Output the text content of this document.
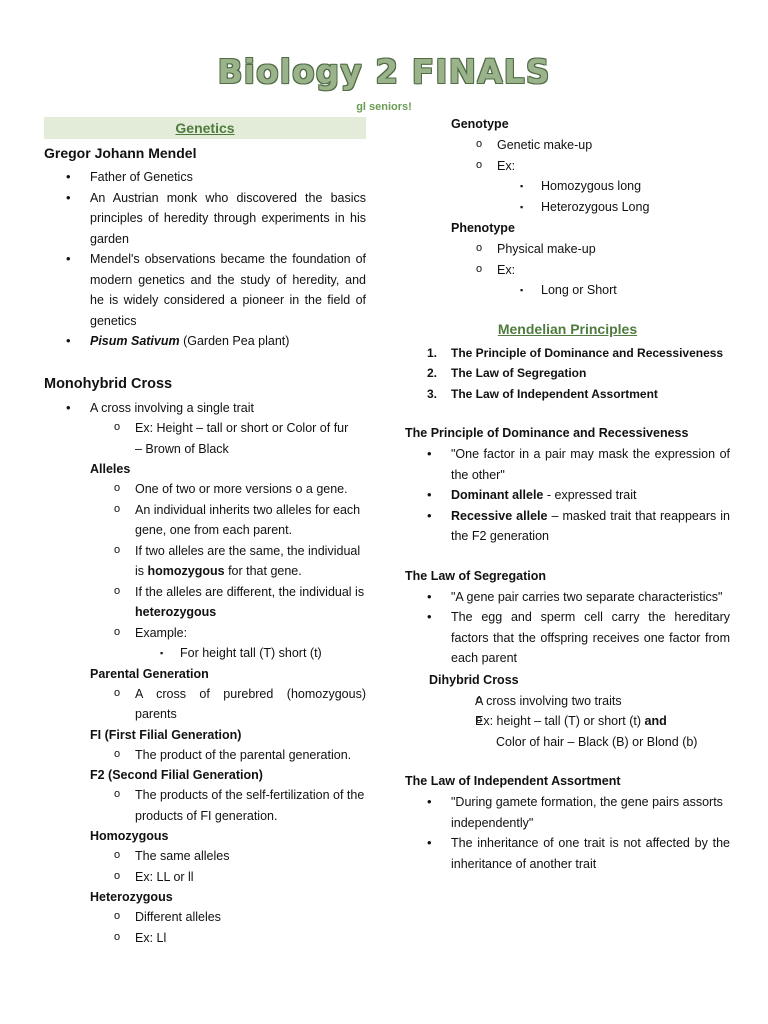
Biology 2 FINALS
gl seniors!
Genetics
Gregor Johann Mendel
• Father of Genetics
• An Austrian monk who discovered the basics principles of heredity through experiments in his garden
• Mendel's observations became the foundation of modern genetics and the study of heredity, and he is widely considered a pioneer in the field of genetics
• Pisum Sativum (Garden Pea plant)
Monohybrid Cross
• A cross involving a single trait
o Ex: Height – tall or short or Color of fur
– Brown of Black
Alleles
o One of two or more versions o a gene.
o An individual inherits two alleles for each gene, one from each parent.
o If two alleles are the same, the individual is homozygous for that gene.
o If the alleles are different, the individual is heterozygous
o Example:
▪ For height tall (T) short (t)
Parental Generation
o A cross of purebred (homozygous) parents
FI (First Filial Generation)
o The product of the parental generation.
F2 (Second Filial Generation)
o The products of the self-fertilization of the products of FI generation.
Homozygous
o The same alleles
o Ex: LL or ll
Heterozygous
o Different alleles
o Ex: Ll
Genotype
o Genetic make-up
o Ex:
▪ Homozygous long
▪ Heterozygous Long
Phenotype
o Physical make-up
o Ex:
▪ Long or Short
Mendelian Principles
1. The Principle of Dominance and Recessiveness
2. The Law of Segregation
3. The Law of Independent Assortment
The Principle of Dominance and Recessiveness
• "One factor in a pair may mask the expression of the other"
• Dominant allele - expressed trait
• Recessive allele – masked trait that reappears in the F2 generation
The Law of Segregation
• "A gene pair carries two separate characteristics"
• The egg and sperm cell carry the hereditary factors that the offspring receives one factor from each parent
Dihybrid Cross
o A cross involving two traits
o Ex: height – tall (T) or short (t) and
Color of hair – Black (B) or Blond (b)
The Law of Independent Assortment
• "During gamete formation, the gene pairs assorts independently"
• The inheritance of one trait is not affected by the inheritance of another trait
